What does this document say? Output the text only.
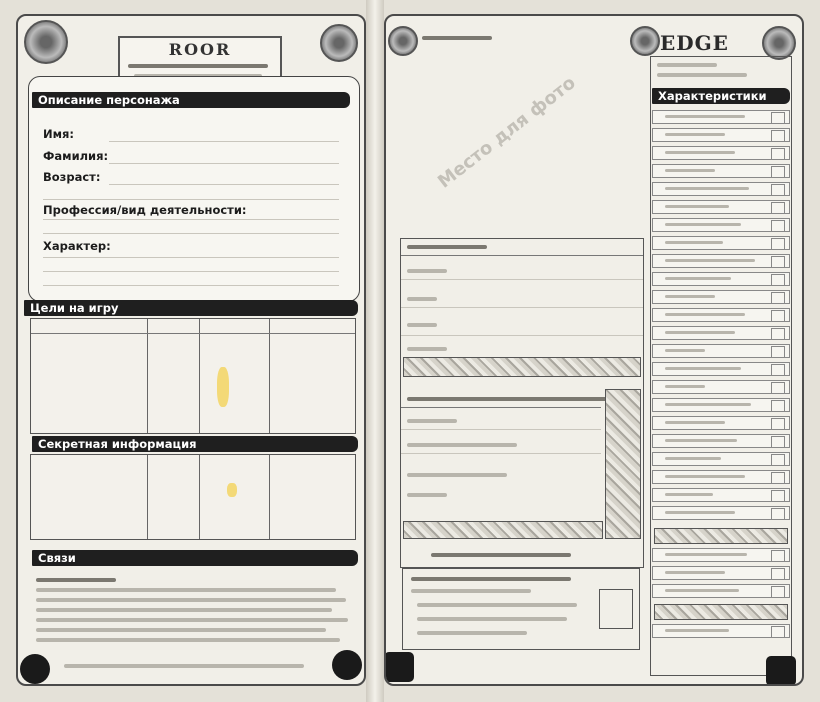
ROOR
Имя:
Фамилия:
Возраст:
Профессия/вид деятельности:
Характер:
Описание персонажа
Цели на игру
Секретная информация
Связи
EDGE
Место для фото	Характеристики
